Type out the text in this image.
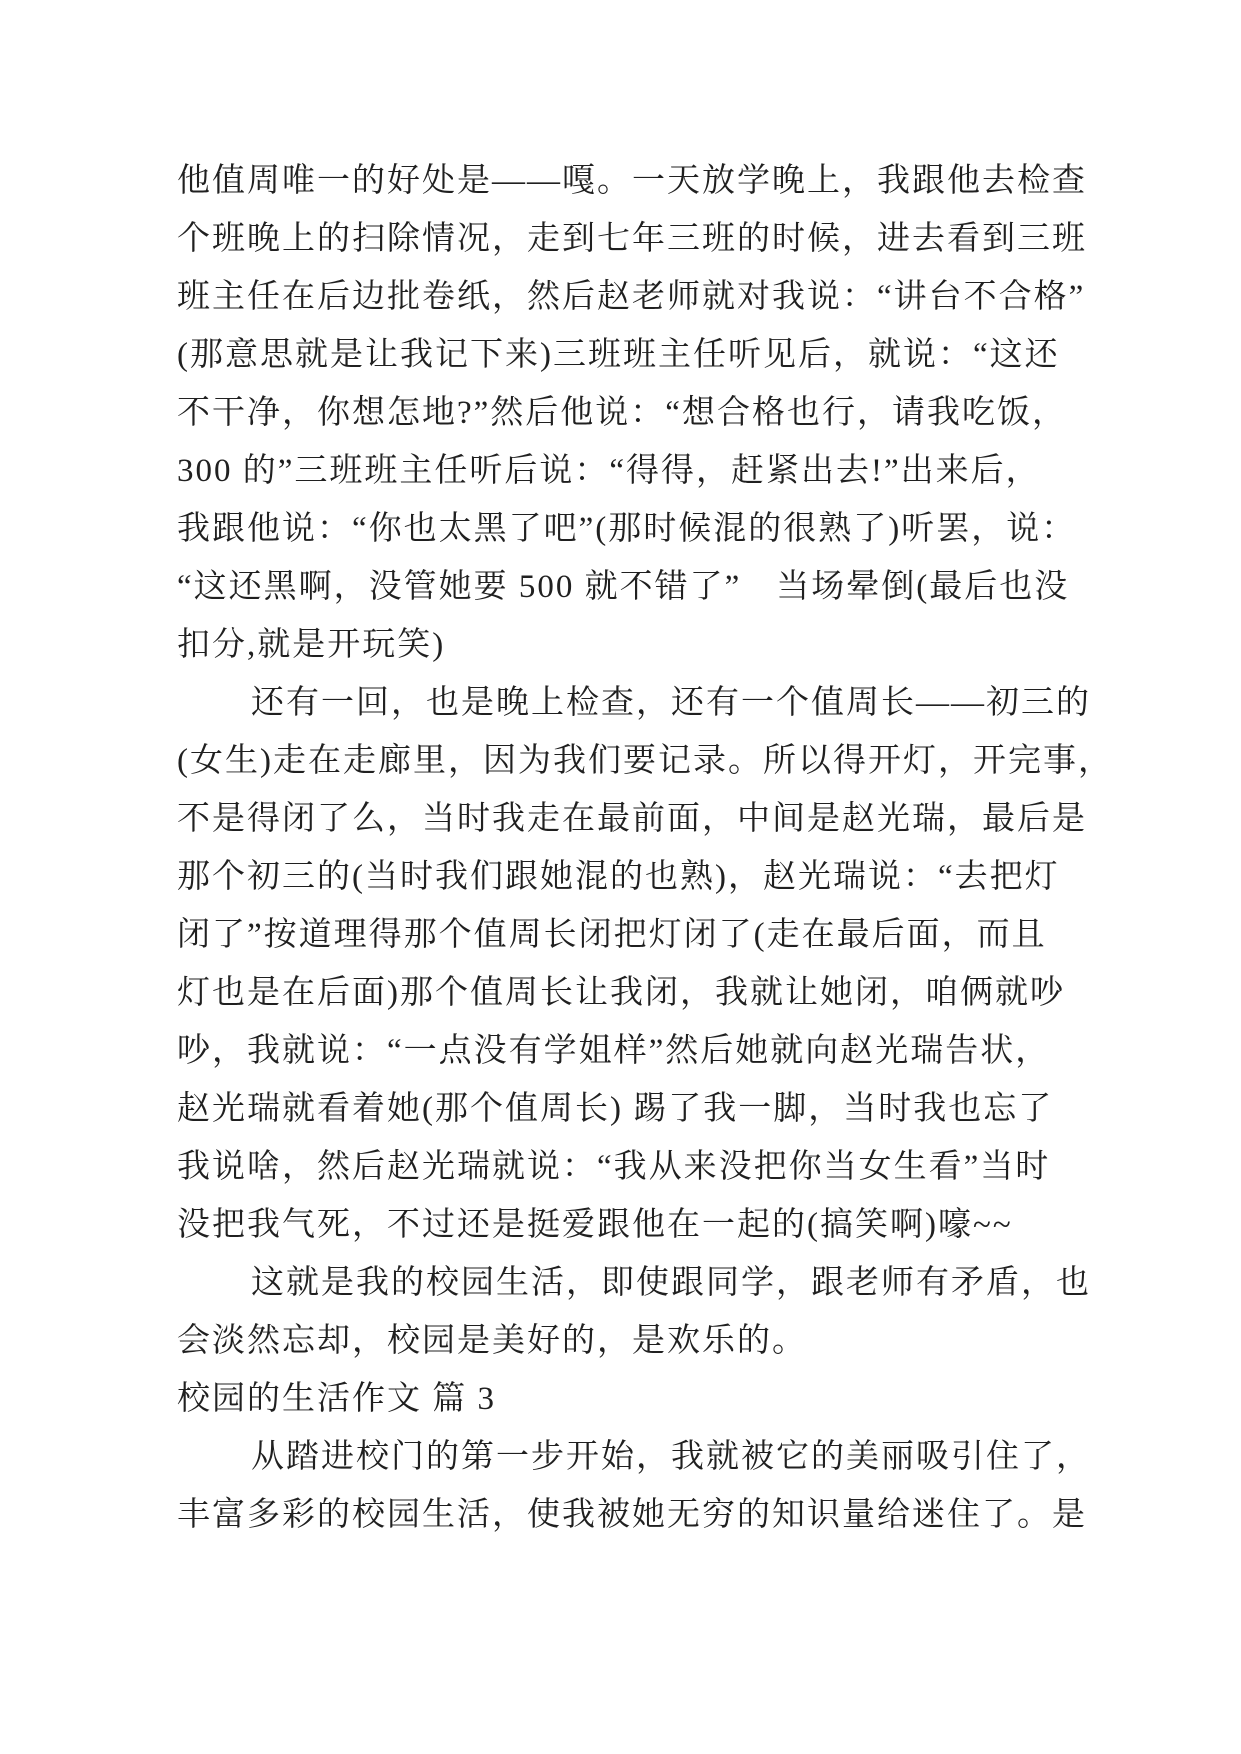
他值周唯一的好处是——嘎。一天放学晚上，我跟他去检查
个班晚上的扫除情况，走到七年三班的时候，进去看到三班
班主任在后边批卷纸，然后赵老师就对我说：“讲台不合格”
(那意思就是让我记下来)三班班主任听见后，就说：“这还
不干净，你想怎地?”然后他说：“想合格也行，请我吃饭，
300 的”三班班主任听后说：“得得，赶紧出去!”出来后，
我跟他说：“你也太黑了吧”(那时候混的很熟了)听罢，说：
“这还黑啊，没管她要 500 就不错了”　当场晕倒(最后也没
扣分,就是开玩笑)
还有一回，也是晚上检查，还有一个值周长——初三的
(女生)走在走廊里，因为我们要记录。所以得开灯，开完事，
不是得闭了么，当时我走在最前面，中间是赵光瑞，最后是
那个初三的(当时我们跟她混的也熟)，赵光瑞说：“去把灯
闭了”按道理得那个值周长闭把灯闭了(走在最后面，而且
灯也是在后面)那个值周长让我闭，我就让她闭，咱俩就吵
吵，我就说：“一点没有学姐样”然后她就向赵光瑞告状，
赵光瑞就看着她(那个值周长) 踢了我一脚，当时我也忘了
我说啥，然后赵光瑞就说：“我从来没把你当女生看”当时
没把我气死，不过还是挺爱跟他在一起的(搞笑啊)嚎~~
这就是我的校园生活，即使跟同学，跟老师有矛盾，也
会淡然忘却，校园是美好的，是欢乐的。
校园的生活作文 篇 3
从踏进校门的第一步开始，我就被它的美丽吸引住了，
丰富多彩的校园生活，使我被她无穷的知识量给迷住了。是
